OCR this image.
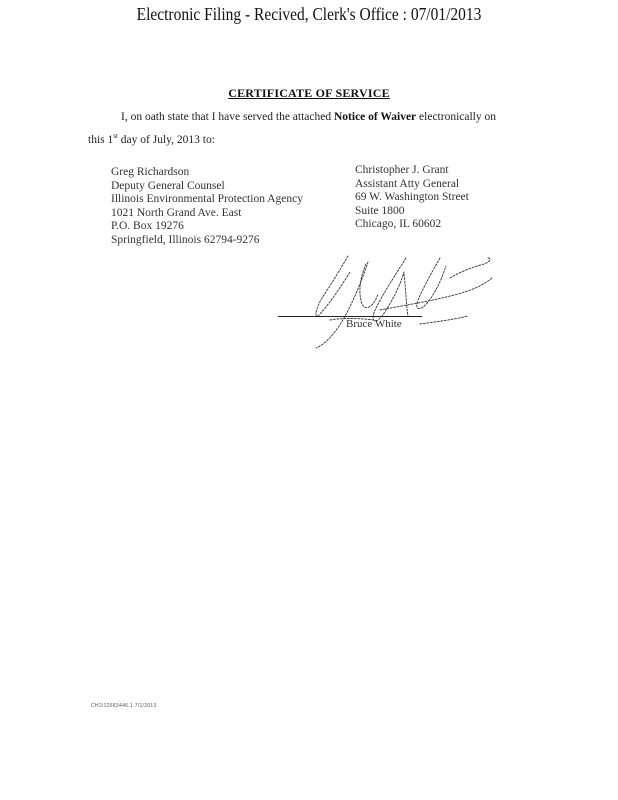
Electronic Filing - Recived, Clerk's Office : 07/01/2013
CERTIFICATE OF SERVICE
I, on oath state that I have served the attached Notice of Waiver electronically on
this 1st day of July, 2013 to:
Greg Richardson
Deputy General Counsel
Illinois Environmental Protection Agency
1021 North Grand Ave. East
P.O. Box 19276
Springfield, Illinois 62794-9276
Christopher J. Grant
Assistant Atty General
69 W. Washington Street
Suite 1800
Chicago, IL 60602
Bruce White
CH2\12683446.1 7/1/2013
